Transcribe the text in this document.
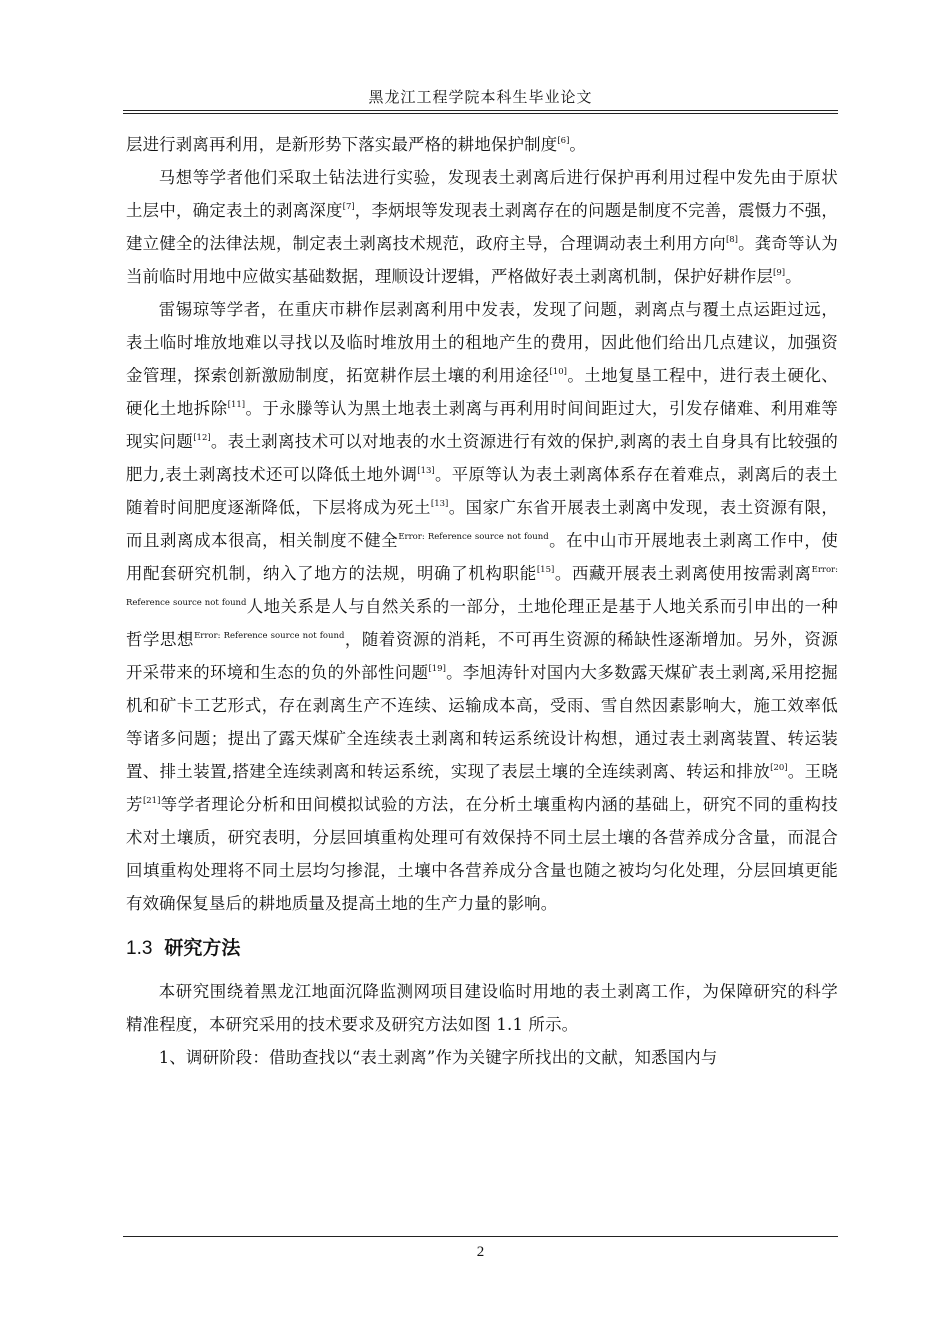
黑龙江工程学院本科生毕业论文

层进行剥离再利用，是新形势下落实最严格的耕地保护制度[6]。

马想等学者他们采取土钻法进行实验，发现表土剥离后进行保护再利用过程中发先由于原状土层中，确定表土的剥离深度[7]，李炳垠等发现表土剥离存在的问题是制度不完善，震慑力不强，建立健全的法律法规，制定表土剥离技术规范，政府主导，合理调动表土利用方向[8]。龚奇等认为当前临时用地中应做实基础数据，理顺设计逻辑，严格做好表土剥离机制，保护好耕作层[9]。

雷锡琼等学者，在重庆市耕作层剥离利用中发表，发现了问题，剥离点与覆土点运距过远，表土临时堆放地难以寻找以及临时堆放用土的租地产生的费用，因此他们给出几点建议，加强资金管理，探索创新激励制度，拓宽耕作层土壤的利用途径[10]。土地复垦工程中，进行表土硬化、硬化土地拆除[11]。于永滕等认为黑土地表土剥离与再利用时间间距过大，引发存储难、利用难等现实问题[12]。表土剥离技术可以对地表的水土资源进行有效的保护,剥离的表土自身具有比较强的肥力,表土剥离技术还可以降低土地外调[13]。平原等认为表土剥离体系存在着难点，剥离后的表土随着时间肥度逐渐降低，下层将成为死土[13]。国家广东省开展表土剥离中发现，表土资源有限，而且剥离成本很高，相关制度不健全$^{Error: Reference source not found}$。在中山市开展地表土剥离工作中，使用配套研究机制，纳入了地方的法规，明确了机构职能[15]。西藏开展表土剥离使用按需剥离$^{Error: Reference source not found}$人地关系是人与自然关系的一部分，土地伦理正是基于人地关系而引申出的一种哲学思想$^{Error: Reference source not found}$，随着资源的消耗，不可再生资源的稀缺性逐渐增加。另外，资源开采带来的环境和生态的负的外部性问题[19]。李旭涛针对国内大多数露天煤矿表土剥离,采用挖掘机和矿卡工艺形式，存在剥离生产不连续、运输成本高，受雨、雪自然因素影响大，施工效率低等诸多问题；提出了露天煤矿全连续表土剥离和转运系统设计构想，通过表土剥离装置、转运装置、排土装置,搭建全连续剥离和转运系统，实现了表层土壤的全连续剥离、转运和排放[20]。王晓芳[21]等学者理论分析和田间模拟试验的方法，在分析土壤重构内涵的基础上，研究不同的重构技术对土壤质，研究表明，分层回填重构处理可有效保持不同土层土壤的各营养成分含量，而混合回填重构处理将不同土层均匀掺混，土壤中各营养成分含量也随之被均匀化处理，分层回填更能有效确保复垦后的耕地质量及提高土地的生产力量的影响。

1.3 研究方法

本研究围绕着黑龙江地面沉降监测网项目建设临时用地的表土剥离工作，为保障研究的科学精准程度，本研究采用的技术要求及研究方法如图 1.1 所示。

1、调研阶段：借助查找以“表土剥离”作为关键字所找出的文献，知悉国内与

2
